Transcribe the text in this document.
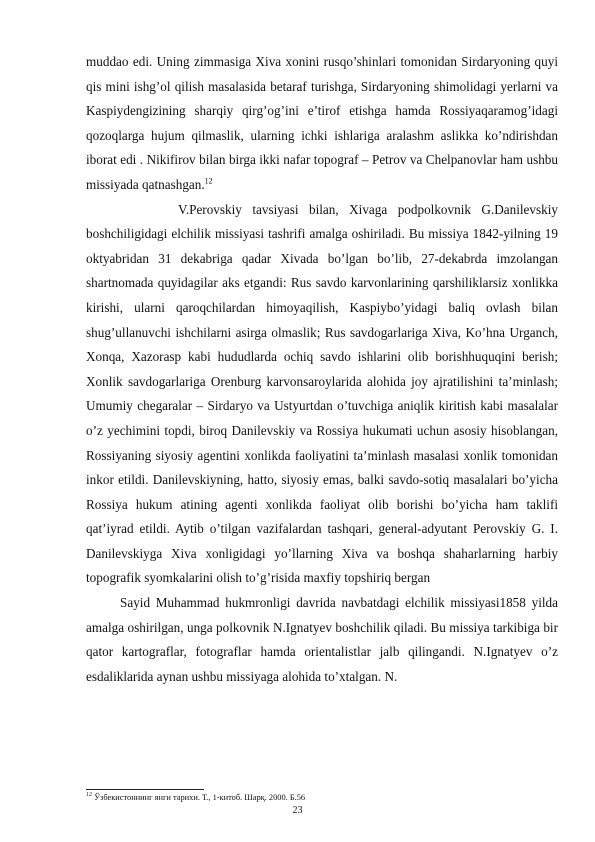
muddao edi. Uning zimmasiga Xiva xonini rusqo’shinlari tomonidan Sirdaryoning quyi qis mini ishg’ol qilish masalasida betaraf turishga, Sirdaryoning shimolidagi yerlarni va Kaspiydengizining sharqiy qirg’og’ini e’tirof etishga hamda Rossiyaqaramog’idagi qozoqlarga hujum qilmaslik, ularning ichki ishlariga aralashm aslikka ko’ndirishdan iborat edi . Nikifirov bilan birga ikki nafar topograf – Petrov va Chelpanovlar ham ushbu missiyada qatnashgan.$^{12}$

V.Perovskiy tavsiyasi bilan, Xivaga podpolkovnik G.Danilevskiy boshchiligidagi elchilik missiyasi tashrifi amalga oshiriladi. Bu missiya 1842-yilning 19 oktyabridan 31 dekabriga qadar Xivada bo’lgan bo’lib, 27-dekabrda imzolangan shartnomada quyidagilar aks etgandi: Rus savdo karvonlarining qarshiliklarsiz xonlikka kirishi, ularni qaroqchilardan himoyaqilish, Kaspiybo’yidagi baliq ovlash bilan shug’ullanuvchi ishchilarni asirga olmaslik; Rus savdogarlariga Xiva, Ko’hna Urganch, Xonqa, Xazorasp kabi hududlarda ochiq savdo ishlarini olib borishhuquqini berish; Xonlik savdogarlariga Orenburg karvonsaroylarida alohida joy ajratilishini ta’minlash; Umumiy chegaralar – Sirdaryo va Ustyurtdan o’tuvchiga aniqlik kiritish kabi masalalar o’z yechimini topdi, biroq Danilevskiy va Rossiya hukumati uchun asosiy hisoblangan, Rossiyaning siyosiy agentini xonlikda faoliyatini ta’minlash masalasi xonlik tomonidan inkor etildi. Danilevskiyning, hatto, siyosiy emas, balki savdo-sotiq masalalari bo’yicha Rossiya hukum atining agenti xonlikda faoliyat olib borishi bo’yicha ham taklifi qat’iyrad etildi. Aytib o’tilgan vazifalardan tashqari, general-adyutant Perovskiy G. I. Danilevskiyga Xiva xonligidagi yo’llarning Xiva va boshqa shaharlarning harbiy topografik syomkalarini olish to’g’risida maxfiy topshiriq bergan

Sayid Muhammad hukmronligi davrida navbatdagi elchilik missiyasi1858 yilda amalga oshirilgan, unga polkovnik N.Ignatyev boshchilik qiladi. Bu missiya tarkibiga bir qator kartograflar, fotograflar hamda orientalistlar jalb qilingandi. N.Ignatyev o’z esdaliklarida aynan ushbu missiyaga alohida to’xtalgan. N.

$^{12}$ Ўзбекистоннинг янги тарихи. Т., 1-китоб. Шарқ. 2000. Б.56
23
